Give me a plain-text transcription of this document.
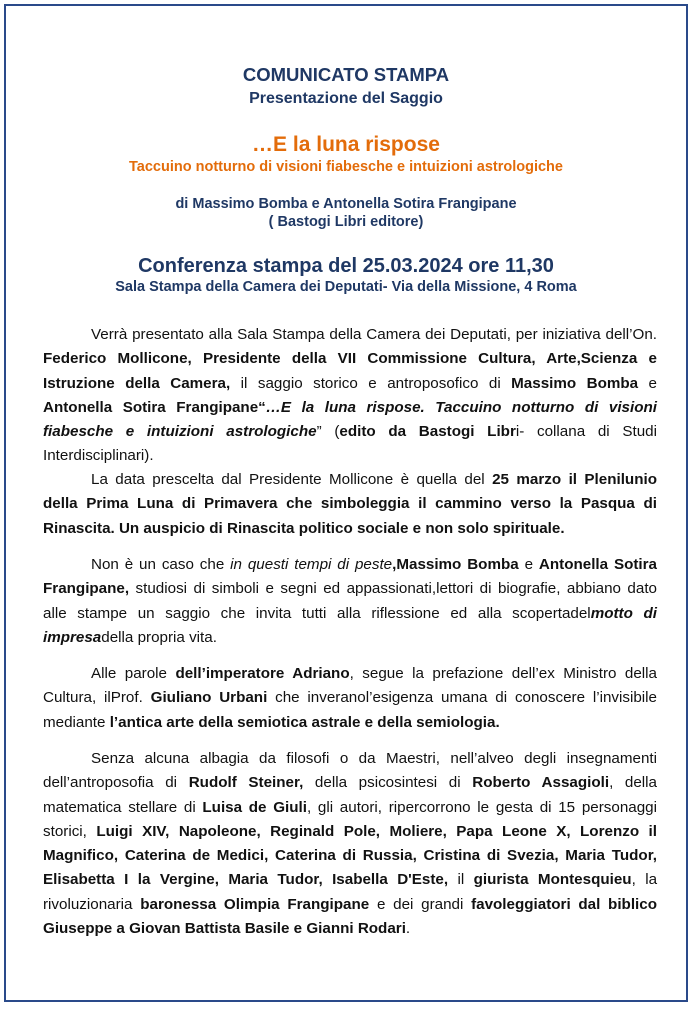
COMUNICATO STAMPA
Presentazione del Saggio
…E la luna rispose
Taccuino notturno di visioni fiabesche e intuizioni astrologiche
di Massimo Bomba e Antonella Sotira Frangipane
( Bastogi Libri editore)
Conferenza stampa del 25.03.2024 ore 11,30
Sala Stampa della Camera dei Deputati- Via della Missione, 4 Roma

Verrà presentato alla Sala Stampa della Camera dei Deputati, per iniziativa dell’On. Federico Mollicone, Presidente della VII Commissione Cultura, Arte,Scienza e Istruzione della Camera, il saggio storico e antroposofico di Massimo Bomba e Antonella Sotira Frangipane“…E la luna rispose. Taccuino notturno di visioni fiabesche e intuizioni astrologiche” (edito da Bastogi Libri- collana di Studi Interdisciplinari).

La data prescelta dal Presidente Mollicone è quella del 25 marzo il Plenilunio della Prima Luna di Primavera che simboleggia il cammino verso la Pasqua di Rinascita. Un auspicio di Rinascita politico sociale e non solo spirituale.

Non è un caso che in questi tempi di peste,Massimo Bomba e Antonella Sotira Frangipane, studiosi di simboli e segni ed appassionati,lettori di biografie, abbiano dato alle stampe un saggio che invita tutti alla riflessione ed alla scopertadelmotto di impresadella propria vita.

Alle parole dell’imperatore Adriano, segue la prefazione dell’ex Ministro della Cultura, ilProf. Giuliano Urbani che inveranol’esigenza umana di conoscere l’invisibile mediante l’antica arte della semiotica astrale e della semiologia.

Senza alcuna albagia da filosofi o da Maestri, nell’alveo degli insegnamenti dell’antroposofia di Rudolf Steiner, della psicosintesi di Roberto Assagioli, della matematica stellare di Luisa de Giuli, gli autori, ripercorrono le gesta di 15 personaggi storici, Luigi XIV, Napoleone, Reginald Pole, Moliere, Papa Leone X, Lorenzo il Magnifico, Caterina de Medici, Caterina di Russia, Cristina di Svezia, Maria Tudor, Elisabetta I la Vergine, Maria Tudor, Isabella D'Este, il giurista Montesquieu, la rivoluzionaria baronessa Olimpia Frangipane e dei grandi favoleggiatori dal biblico Giuseppe a Giovan Battista Basile e Gianni Rodari.
